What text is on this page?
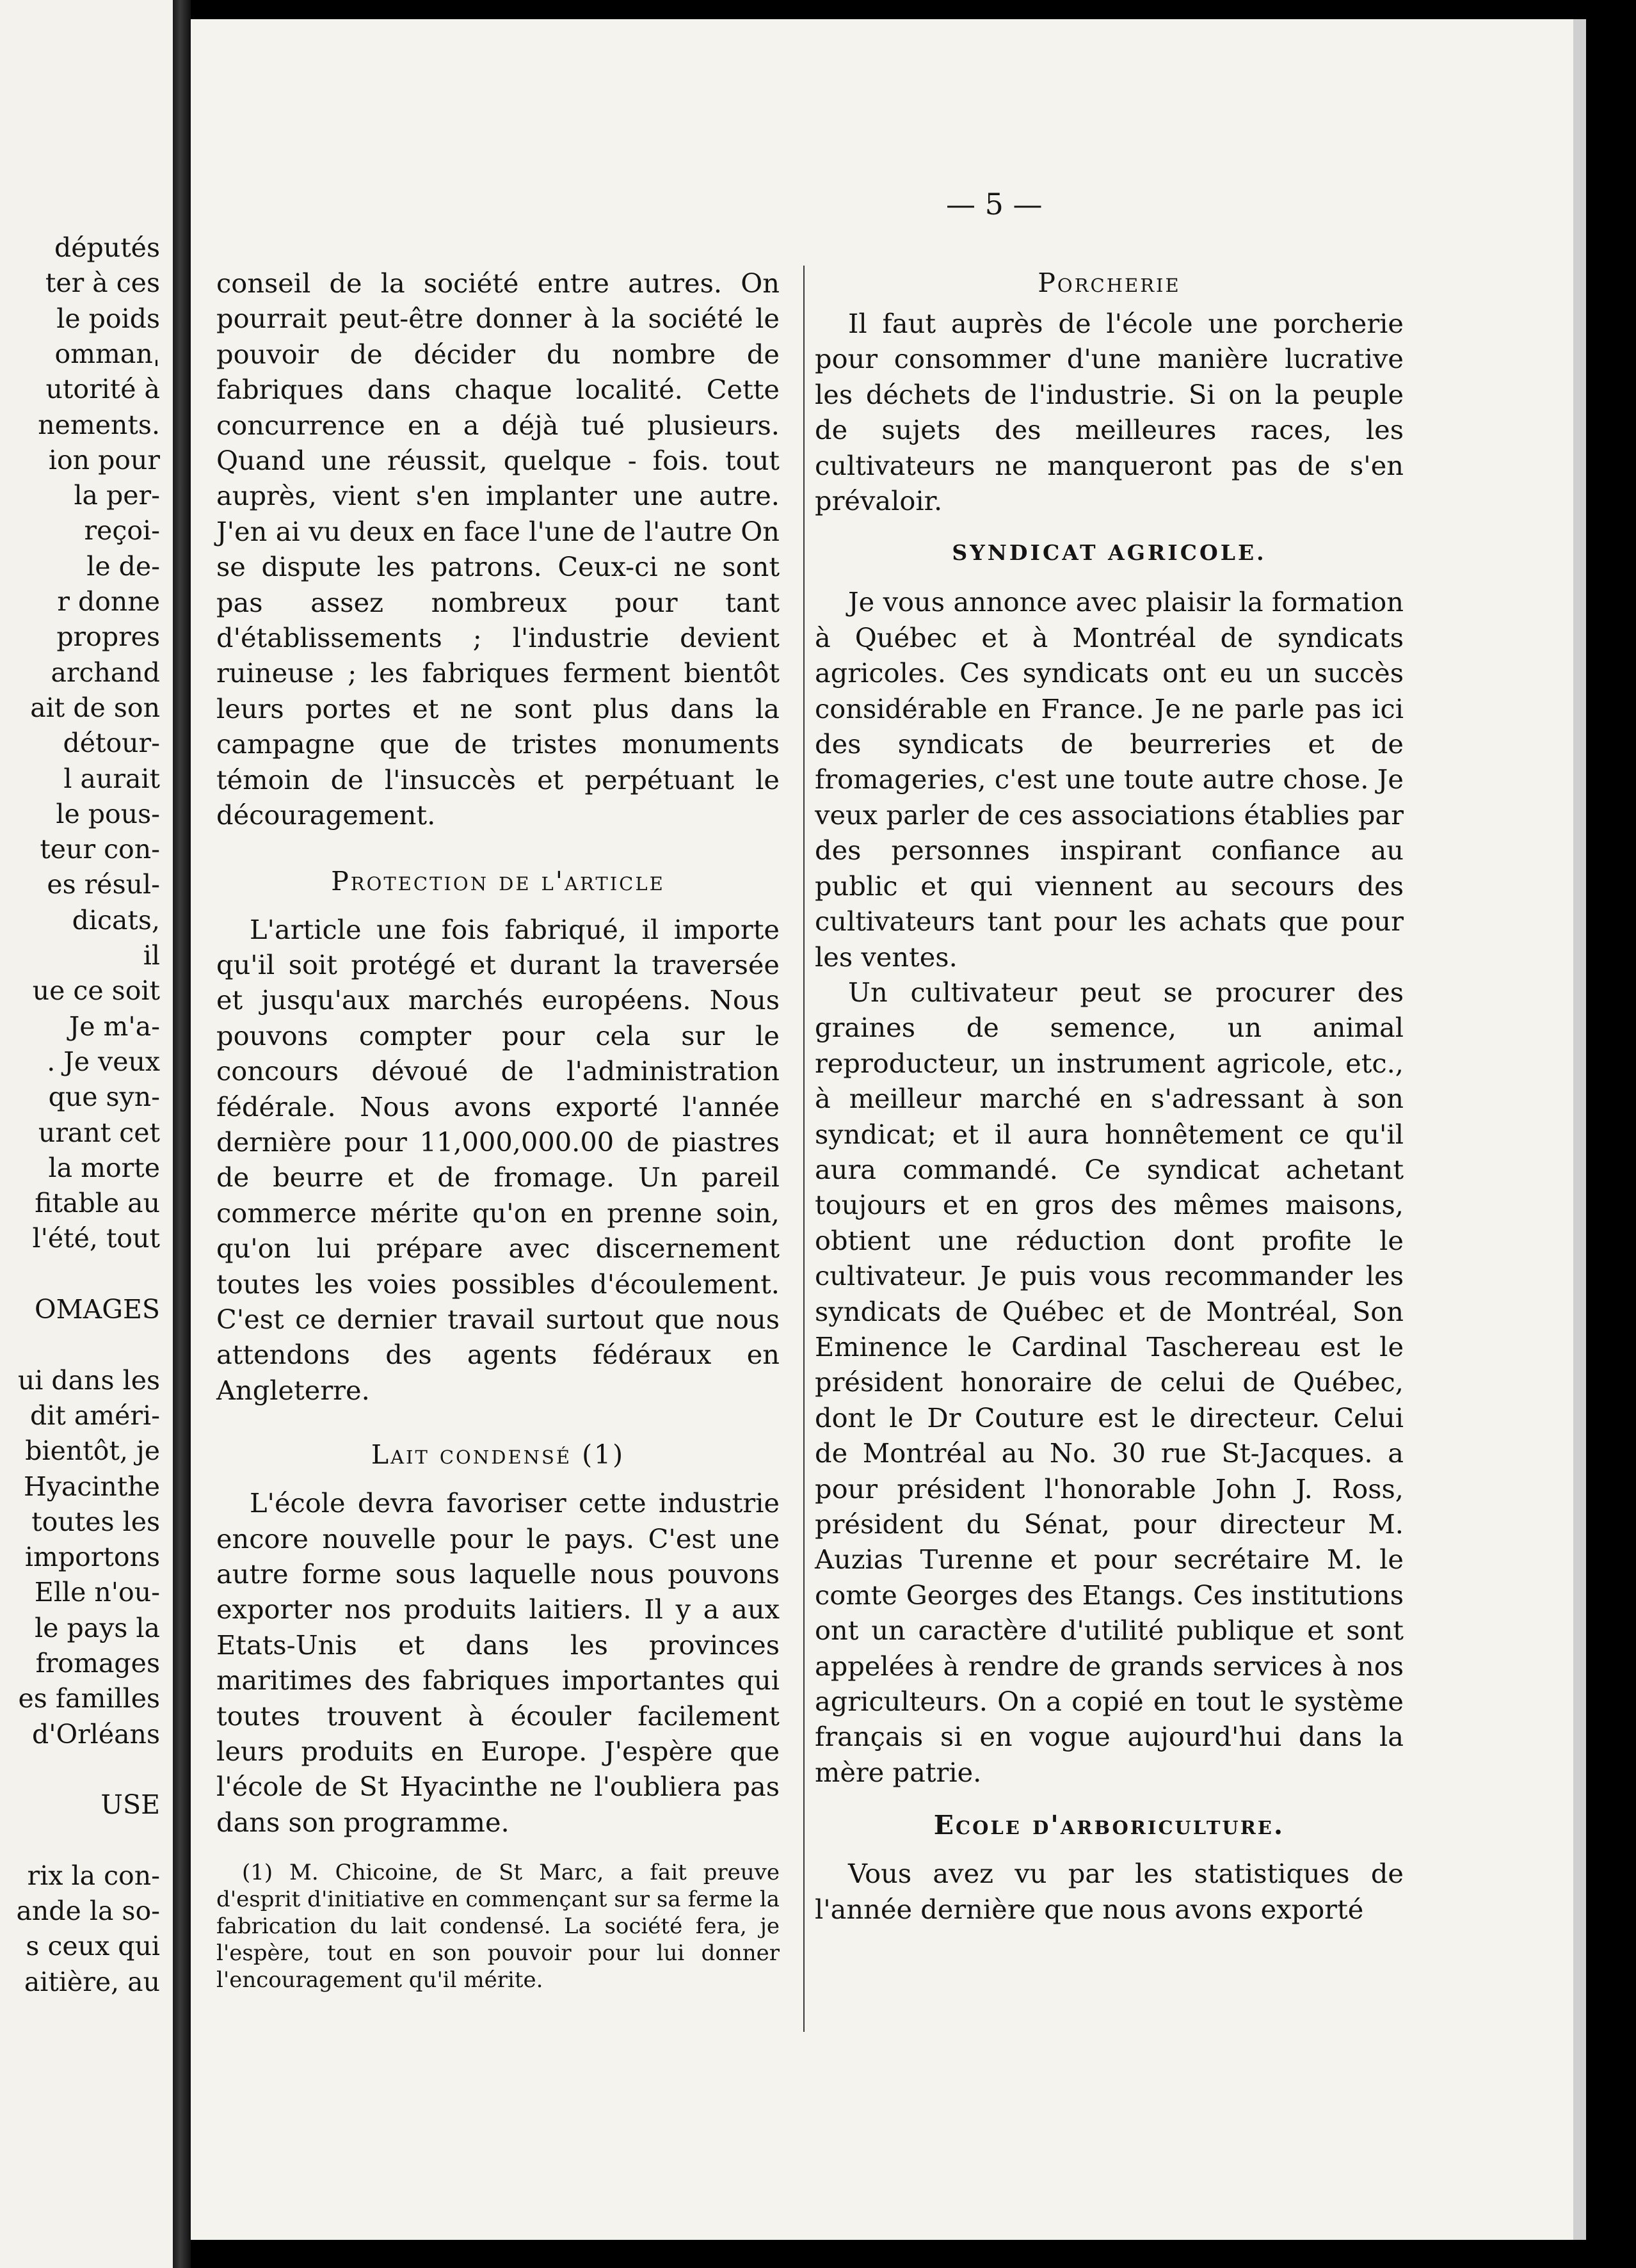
députés
ter à ces
le poids
ommanˌ
utorité à
nements.
ion pour
la per-
reçoi-
le de-
r donne
propres
archand
ait de son
détour-
l aurait
le pous-
teur con-
es résul-
dicats,
il
ue ce soit
Je m'a-
. Je veux
que syn-
urant cet
la morte
fitable au
l'été, tout
OMAGES
ui dans les
dit améri-
bientôt, je
Hyacinthe
toutes les
importons
Elle n'ou-
le pays la
fromages
es familles
d'Orléans
USE
rix la con-
ande la so-
s ceux qui
aitière, au
— 5 —

conseil de la société entre autres. On pourrait peut-être donner à la société le pouvoir de décider du nombre de fabriques dans chaque localité. Cette concurrence en a déjà tué plusieurs. Quand une réussit, quelque - fois. tout auprès, vient s'en implanter une autre. J'en ai vu deux en face l'une de l'autre On se dispute les patrons. Ceux-ci ne sont pas assez nombreux pour tant d'établissements ; l'industrie devient ruineuse ; les fabriques ferment bientôt leurs portes et ne sont plus dans la campagne que de tristes monuments témoin de l'insuccès et perpétuant le découragement.

Protection de l'article

L'article une fois fabriqué, il importe qu'il soit protégé et durant la traversée et jusqu'aux marchés européens. Nous pouvons compter pour cela sur le concours dévoué de l'administration fédérale. Nous avons exporté l'année dernière pour 11,000,000.00 de piastres de beurre et de fromage. Un pareil commerce mérite qu'on en prenne soin, qu'on lui prépare avec discernement toutes les voies possibles d'écoulement. C'est ce dernier travail surtout que nous attendons des agents fédéraux en Angleterre.

Lait condensé (1)

L'école devra favoriser cette industrie encore nouvelle pour le pays. C'est une autre forme sous laquelle nous pouvons exporter nos produits laitiers. Il y a aux Etats-Unis et dans les provinces maritimes des fabriques importantes qui toutes trouvent à écouler facilement leurs produits en Europe. J'espère que l'école de St Hyacinthe ne l'oubliera pas dans son programme.

(1) M. Chicoine, de St Marc, a fait preuve d'esprit d'initiative en commençant sur sa ferme la fabrication du lait condensé. La société fera, je l'espère, tout en son pouvoir pour lui donner l'encouragement qu'il mérite.

Porcherie

Il faut auprès de l'école une porcherie pour consommer d'une manière lucrative les déchets de l'industrie. Si on la peuple de sujets des meilleures races, les cultivateurs ne manqueront pas de s'en prévaloir.

SYNDICAT AGRICOLE.

Je vous annonce avec plaisir la formation à Québec et à Montréal de syndicats agricoles. Ces syndicats ont eu un succès considérable en France. Je ne parle pas ici des syndicats de beurreries et de fromageries, c'est une toute autre chose. Je veux parler de ces associations établies par des personnes inspirant confiance au public et qui viennent au secours des cultivateurs tant pour les achats que pour les ventes.

Un cultivateur peut se procurer des graines de semence, un animal reproducteur, un instrument agricole, etc., à meilleur marché en s'adressant à son syndicat; et il aura honnêtement ce qu'il aura commandé. Ce syndicat achetant toujours et en gros des mêmes maisons, obtient une réduction dont profite le cultivateur. Je puis vous recommander les syndicats de Québec et de Montréal, Son Eminence le Cardinal Taschereau est le président honoraire de celui de Québec, dont le Dr Couture est le directeur. Celui de Montréal au No. 30 rue St-Jacques. a pour président l'honorable John J. Ross, président du Sénat, pour directeur M. Auzias Turenne et pour secrétaire M. le comte Georges des Etangs. Ces institutions ont un caractère d'utilité publique et sont appelées à rendre de grands services à nos agriculteurs. On a copié en tout le système français si en vogue aujourd'hui dans la mère patrie.

Ecole d'arboriculture.

Vous avez vu par les statistiques de l'année dernière que nous avons exporté
